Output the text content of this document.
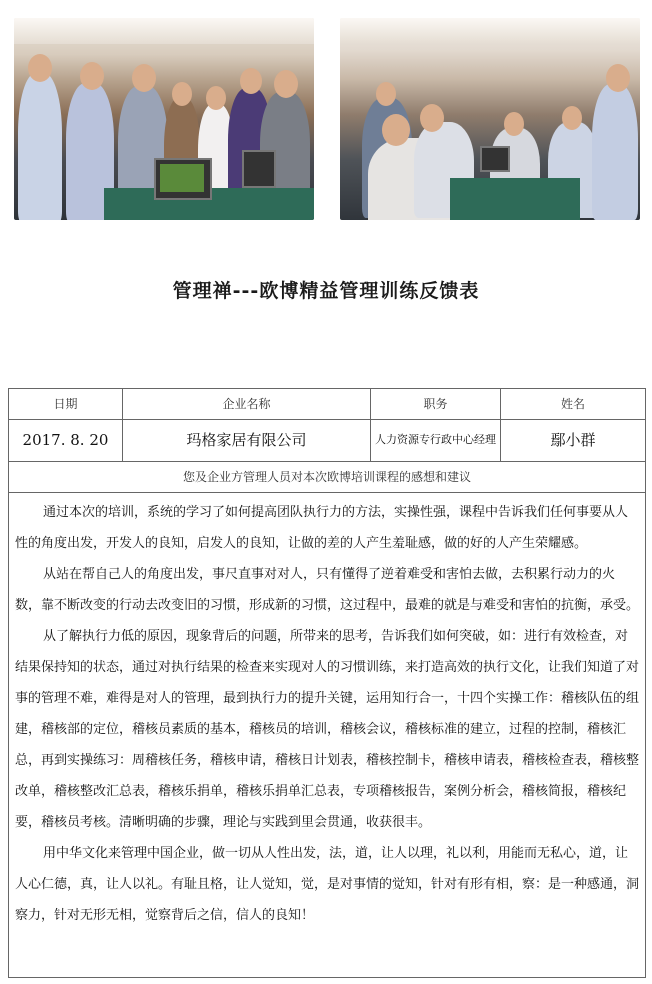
管理禅---欧博精益管理训练反馈表
日期	企业名称	职务	姓名
2017. 8. 20	玛格家居有限公司	人力资源专行政中心经理	鄢小群
您及企业方管理人员对本次欧博培训课程的感想和建议

通过本次的培训，系统的学习了如何提高团队执行力的方法，实操性强，课程中告诉我们任何事要从人性的角度出发，开发人的良知，启发人的良知，让做的差的人产生羞耻感，做的好的人产生荣耀感。

从站在帮自己人的角度出发，事尺直事对对人，只有懂得了逆着难受和害怕去做，去积累行动力的火数，靠不断改变的行动去改变旧的习惯，形成新的习惯，这过程中，最难的就是与难受和害怕的抗衡，承受。

从了解执行力低的原因，现象背后的问题，所带来的思考，告诉我们如何突破，如：进行有效检查，对结果保持知的状态，通过对执行结果的检查来实现对人的习惯训练，来打造高效的执行文化，让我们知道了对事的管理不难，难得是对人的管理，最到执行力的提升关键，运用知行合一，十四个实操工作：稽核队伍的组建，稽核部的定位，稽核员素质的基本，稽核员的培训，稽核会议，稽核标准的建立，过程的控制，稽核汇总，再到实操练习：周稽核任务，稽核申请，稽核日计划表，稽核控制卡，稽核申请表，稽核检查表，稽核整改单，稽核整改汇总表，稽核乐捐单，稽核乐捐单汇总表，专项稽核报告，案例分析会，稽核简报，稽核纪要，稽核员考核。清晰明确的步骤，理论与实践到里会贯通，收获很丰。

用中华文化来管理中国企业，做一切从人性出发，法，道，让人以理，礼以利，用能而无私心，道，让人心仁德，真，让人以礼。有耻且格，让人觉知，觉，是对事情的觉知，针对有形有相，察：是一种感通，洞察力，针对无形无相，觉察背后之信，信人的良知！
